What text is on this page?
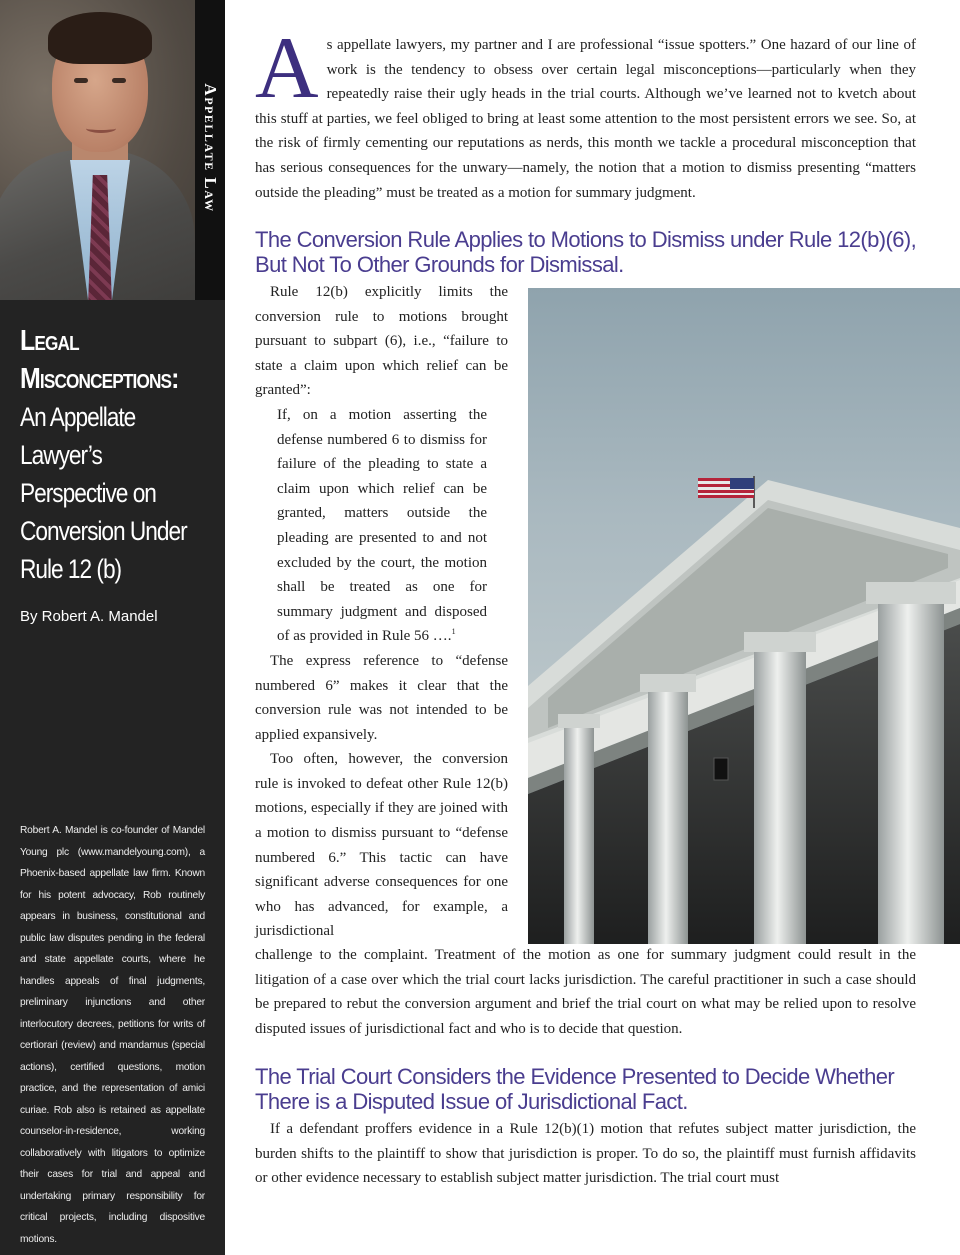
Appellate Law
Legal
Misconceptions:
An Appellate
Lawyer’s
Perspective on
Conversion Under
Rule 12 (b)
By Robert A. Mandel
Robert A. Mandel is co-founder of Mandel Young plc (www.mandelyoung.com), a Phoenix-based appellate law firm. Known for his potent advocacy, Rob routinely appears in business, constitutional and public law disputes pending in the federal and state appellate courts, where he handles appeals of final judgments, preliminary injunctions and other interlocutory decrees, petitions for writs of certiorari (review) and mandamus (special actions), certified questions, motion practice, and the representation of amici curiae. Rob also is retained as appellate counselor-in-residence, working collaboratively with litigators to optimize their cases for trial and appeal and undertaking primary responsibility for critical projects, including dispositive motions.
As appellate lawyers, my partner and I are professional “issue spotters.” One hazard of our line of work is the tendency to obsess over certain legal misconceptions—particularly when they repeatedly raise their ugly heads in the trial courts. Although we’ve learned not to kvetch about this stuff at parties, we feel obliged to bring at least some attention to the most persistent errors we see. So, at the risk of firmly cementing our reputations as nerds, this month we tackle a procedural misconception that has serious consequences for the unwary—namely, the notion that a motion to dismiss presenting “matters outside the pleading” must be treated as a motion for summary judgment.
The Conversion Rule Applies to Motions to Dismiss under Rule 12(b)(6), But Not To Other Grounds for Dismissal.

Rule 12(b) explicitly limits the conversion rule to motions brought pursuant to subpart (6), i.e., “failure to state a claim upon which relief can be granted”:

If, on a motion asserting the defense numbered 6 to dismiss for failure of the pleading to state a claim upon which relief can be granted, matters outside the pleading are presented to and not excluded by the court, the motion shall be treated as one for summary judgment and disposed of as provided in Rule 56 ….$^1$

The express reference to “defense numbered 6” makes it clear that the conversion rule was not intended to be applied expansively.

Too often, however, the conversion rule is invoked to defeat other Rule 12(b) motions, especially if they are joined with a motion to dismiss pursuant to “defense numbered 6.” This tactic can have significant adverse consequences for one who has advanced, for example, a jurisdictional

challenge to the complaint. Treatment of the motion as one for summary judgment could result in the litigation of a case over which the trial court lacks jurisdiction. The careful practitioner in such a case should be prepared to rebut the conversion argument and brief the trial court on what may be relied upon to resolve disputed issues of jurisdictional fact and who is to decide that question.
The Trial Court Considers the Evidence Presented to Decide Whether There is a Disputed Issue of Jurisdictional Fact.
If a defendant proffers evidence in a Rule 12(b)(1) motion that refutes subject matter jurisdiction, the burden shifts to the plaintiff to show that jurisdiction is proper. To do so, the plaintiff must furnish affidavits or other evidence necessary to establish subject matter jurisdiction. The trial court must
